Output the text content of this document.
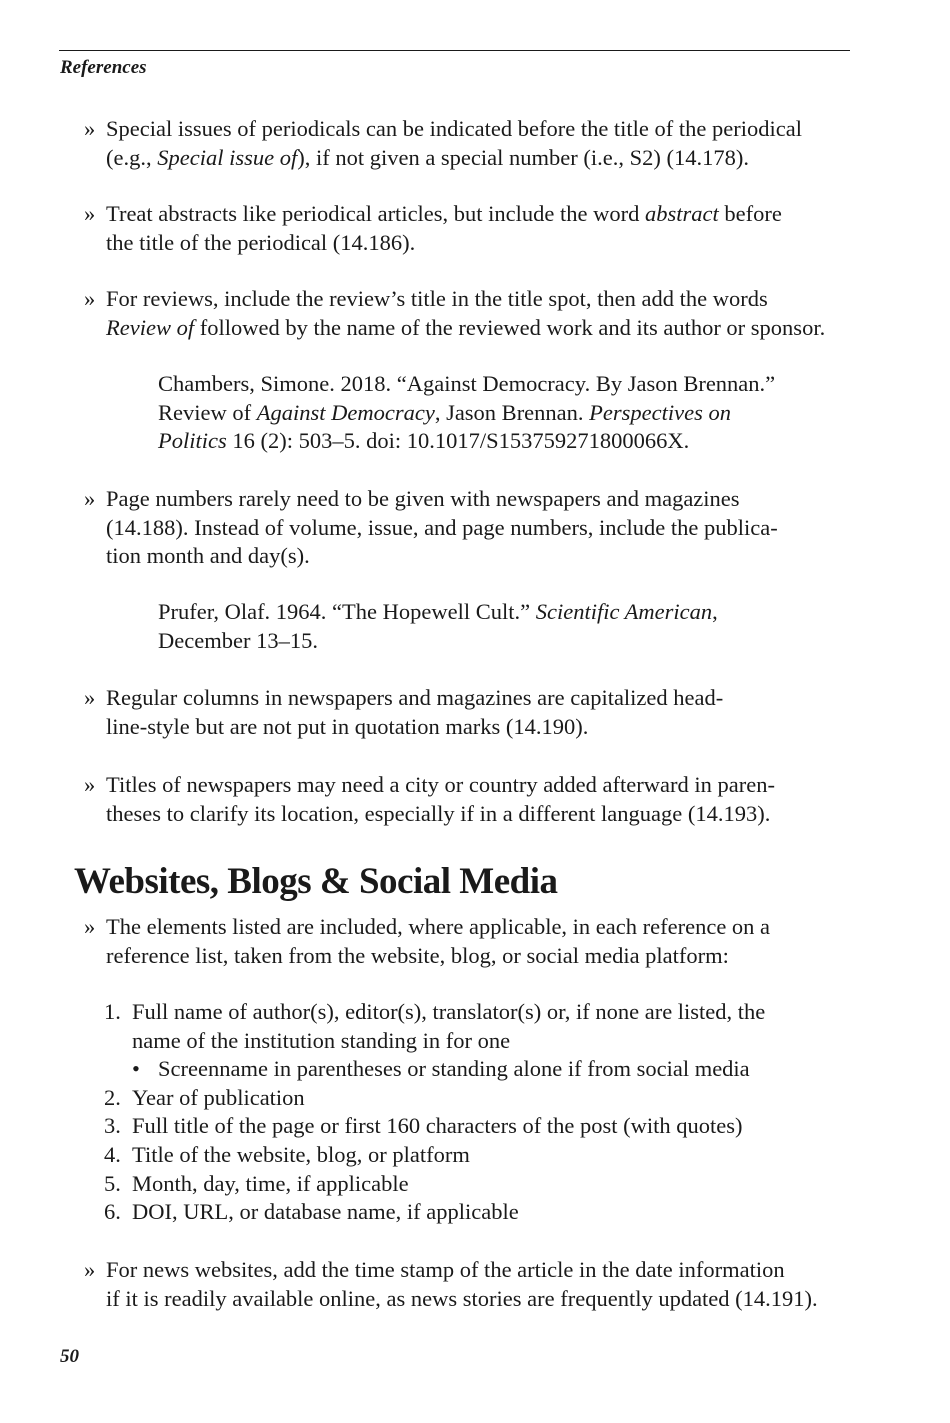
References
» Special issues of periodicals can be indicated before the title of the periodical
(e.g., Special issue of), if not given a special number (i.e., S2) (14.178).
» Treat abstracts like periodical articles, but include the word abstract before
the title of the periodical (14.186).
» For reviews, include the review’s title in the title spot, then add the words
Review of followed by the name of the reviewed work and its author or sponsor.
Chambers, Simone. 2018. “Against Democracy. By Jason Brennan.”
Review of Against Democracy, Jason Brennan. Perspectives on
Politics 16 (2): 503–5. doi: 10.1017/S153759271800066X.
» Page numbers rarely need to be given with newspapers and magazines
(14.188). Instead of volume, issue, and page numbers, include the publica-
tion month and day(s).
Prufer, Olaf. 1964. “The Hopewell Cult.” Scientific American,
December 13–15.
» Regular columns in newspapers and magazines are capitalized head-
line-style but are not put in quotation marks (14.190).
» Titles of newspapers may need a city or country added afterward in paren-
theses to clarify its location, especially if in a different language (14.193).
Websites, Blogs & Social Media
» The elements listed are included, where applicable, in each reference on a
reference list, taken from the website, blog, or social media platform:
1. Full name of author(s), editor(s), translator(s) or, if none are listed, the
name of the institution standing in for one
• Screenname in parentheses or standing alone if from social media
2. Year of publication
3. Full title of the page or first 160 characters of the post (with quotes)
4. Title of the website, blog, or platform
5. Month, day, time, if applicable
6. DOI, URL, or database name, if applicable
» For news websites, add the time stamp of the article in the date information
if it is readily available online, as news stories are frequently updated (14.191).
50
